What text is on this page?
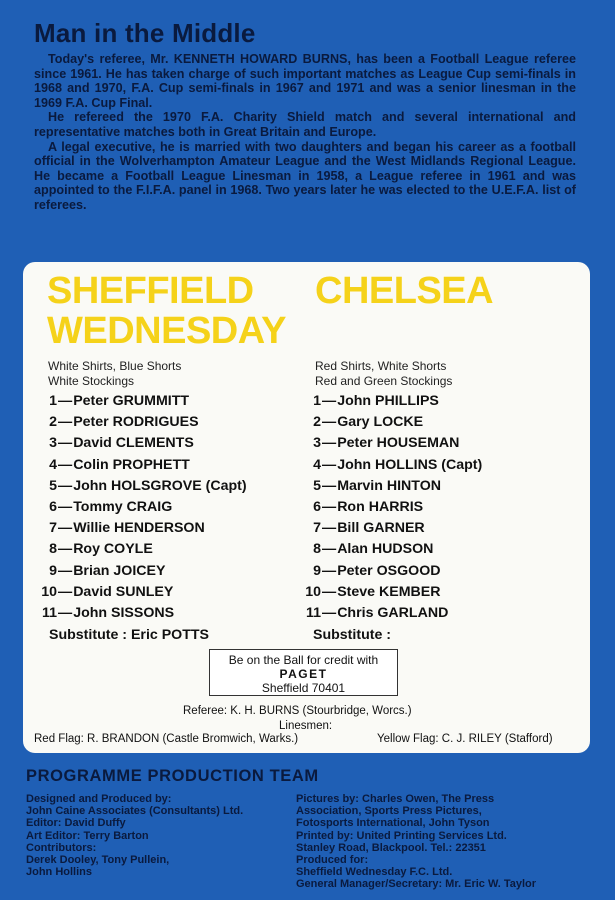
Man in the Middle

Today's referee, Mr. KENNETH HOWARD BURNS, has been a Football League referee since 1961. He has taken charge of such important matches as League Cup semi-finals in 1968 and 1970, F.A. Cup semi-finals in 1967 and 1971 and was a senior linesman in the 1969 F.A. Cup Final.

He refereed the 1970 F.A. Charity Shield match and several international and representative matches both in Great Britain and Europe.

A legal executive, he is married with two daughters and began his career as a football official in the Wolverhampton Amateur League and the West Midlands Regional League. He became a Football League Linesman in 1958, a League referee in 1961 and was appointed to the F.I.F.A. panel in 1968. Two years later he was elected to the U.E.F.A. list of referees.

SHEFFIELD
WEDNESDAY
CHELSEA
White Shirts, Blue Shorts
White Stockings
Red Shirts, White Shorts
Red and Green Stockings
1—Peter GRUMMITT
2—Peter RODRIGUES
3—David CLEMENTS
4—Colin PROPHETT
5—John HOLSGROVE (Capt)
6—Tommy CRAIG
7—Willie HENDERSON
8—Roy COYLE
9—Brian JOICEY
10—David SUNLEY
11—John SISSONS
Substitute : Eric POTTS
1—John PHILLIPS
2—Gary LOCKE
3—Peter HOUSEMAN
4—John HOLLINS (Capt)
5—Marvin HINTON
6—Ron HARRIS
7—Bill GARNER
8—Alan HUDSON
9—Peter OSGOOD
10—Steve KEMBER
11—Chris GARLAND
Substitute :
Be on the Ball for credit with
PAGET
Sheffield 70401
Referee: K. H. BURNS (Stourbridge, Worcs.)
Linesmen:
Red Flag: R. BRANDON (Castle Bromwich, Warks.)	Yellow Flag: C. J. RILEY (Stafford)
PROGRAMME PRODUCTION TEAM
Designed and Produced by:
John Caine Associates (Consultants) Ltd.
Editor: David Duffy
Art Editor: Terry Barton
Contributors:
Derek Dooley, Tony Pullein,
John Hollins
Pictures by: Charles Owen, The Press
Association, Sports Press Pictures,
Fotosports International, John Tyson
Printed by: United Printing Services Ltd.
Stanley Road, Blackpool. Tel.: 22351
Produced for:
Sheffield Wednesday F.C. Ltd.
General Manager/Secretary: Mr. Eric W. Taylor
